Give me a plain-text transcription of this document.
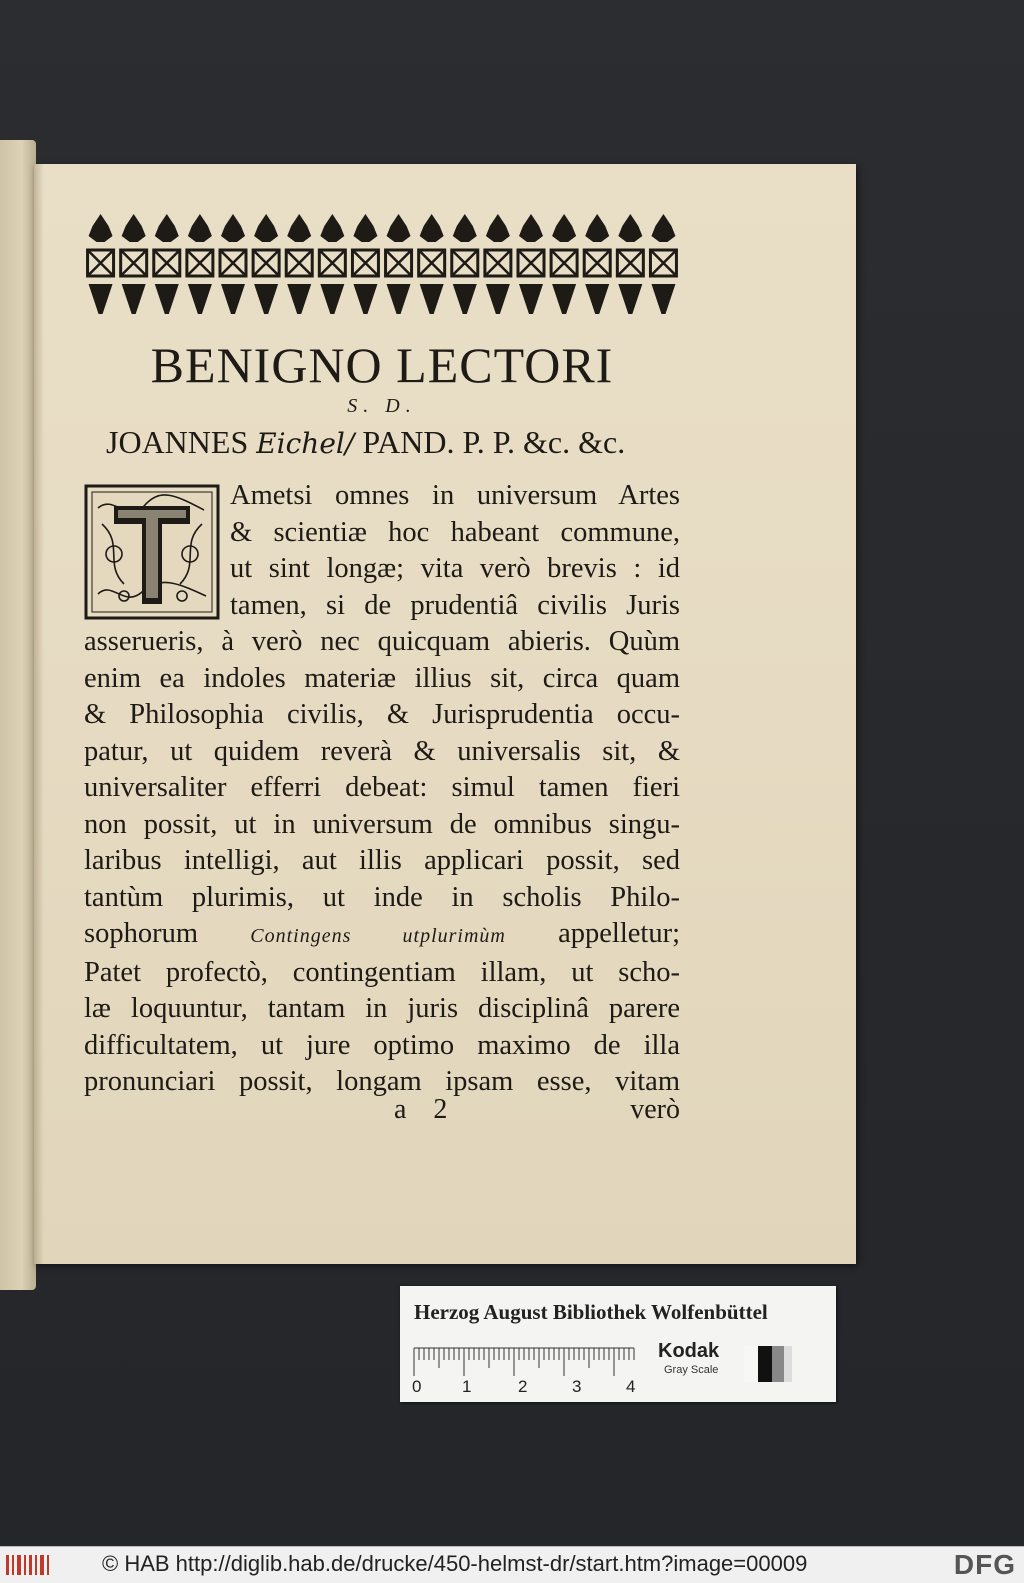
BENIGNO LECTORI
S. D.
JOANNES Eichel/ PAND. P. P. &c. &c.
Ametsi omnes in universum Artes
& scientiæ hoc habeant commune,
ut sint longæ; vita verò brevis : id
tamen, si de prudentiâ civilis Juris
asserueris, à verò nec quicquam abieris. Quùm
enim ea indoles materiæ illius sit, circa quam
& Philosophia civilis, & Jurisprudentia occu-
patur, ut quidem reverà & universalis sit, &
universaliter efferri debeat: simul tamen fieri
non possit, ut in universum de omnibus singu-
laribus intelligi, aut illis applicari possit, sed
tantùm plurimis, ut inde in scholis Philo-
sophorum	Contingens utplurimùm appelletur;
Patet profectò, contingentiam illam, ut scho-
læ loquuntur, tantam in juris disciplinâ parere
difficultatem, ut jure optimo maximo de illa
pronunciari possit, longam ipsam esse, vitam
a 2	verò
Herzog August Bibliothek Wolfenbüttel
0 1	2	3	4
Kodak
Gray Scale
© HAB http://diglib.hab.de/drucke/450-helmst-dr/start.htm?image=00009	DFG
